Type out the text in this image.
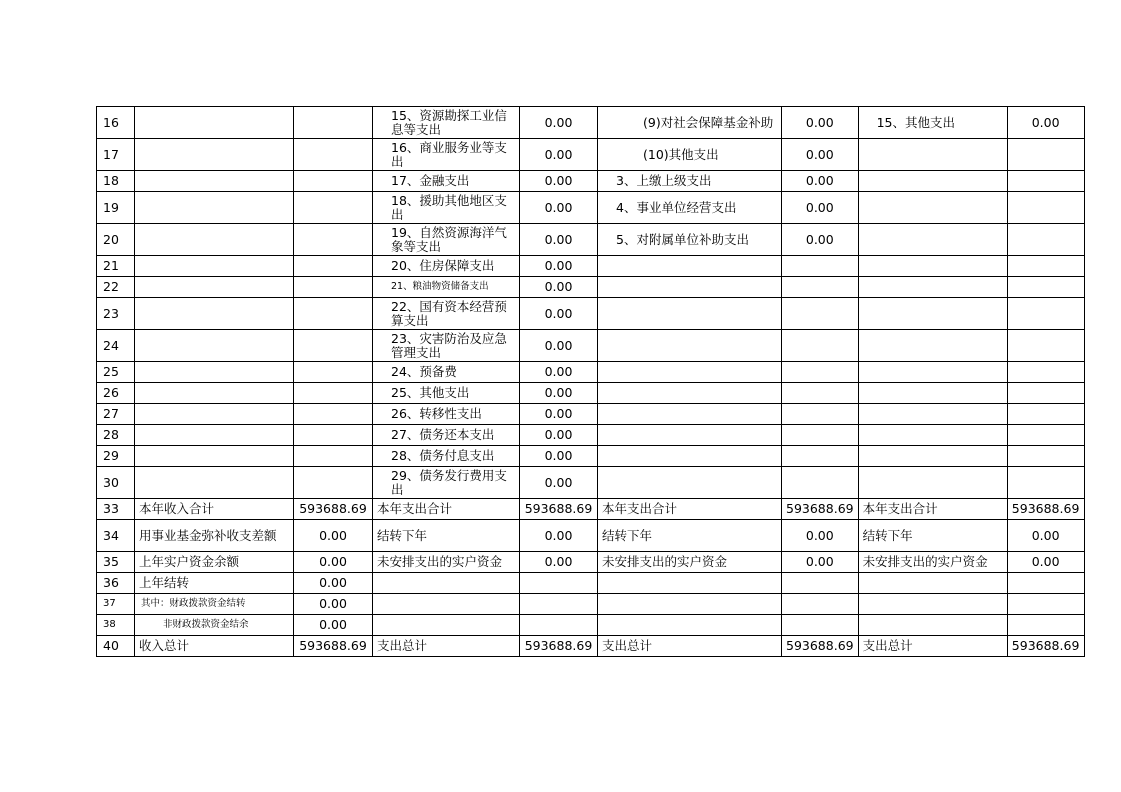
16			15、资源勘探工业信息等支出	0.00	(9)对社会保障基金补助	0.00	15、其他支出	0.00
17			16、商业服务业等支出	0.00	(10)其他支出	0.00		
18			17、金融支出	0.00	3、上缴上级支出	0.00		
19			18、援助其他地区支出	0.00	4、事业单位经营支出	0.00		
20			19、自然资源海洋气象等支出	0.00	5、对附属单位补助支出	0.00		
21			20、住房保障支出	0.00				
22			21、粮油物资储备支出	0.00				
23			22、国有资本经营预算支出	0.00				
24			23、灾害防治及应急管理支出	0.00				
25			24、预备费	0.00				
26			25、其他支出	0.00				
27			26、转移性支出	0.00				
28			27、债务还本支出	0.00				
29			28、债务付息支出	0.00				
30			29、债务发行费用支出	0.00				
33	本年收入合计	593688.69	本年支出合计	593688.69	本年支出合计	593688.69	本年支出合计	593688.69
34	用事业基金弥补收支差额	0.00	结转下年	0.00	结转下年	0.00	结转下年	0.00
35	上年实户资金余额	0.00	未安排支出的实户资金	0.00	未安排支出的实户资金	0.00	未安排支出的实户资金	0.00
36	上年结转	0.00						
37	其中：财政拨款资金结转	0.00						
38	非财政拨款资金结余	0.00						
40	收入总计	593688.69	支出总计	593688.69	支出总计	593688.69	支出总计	593688.69
